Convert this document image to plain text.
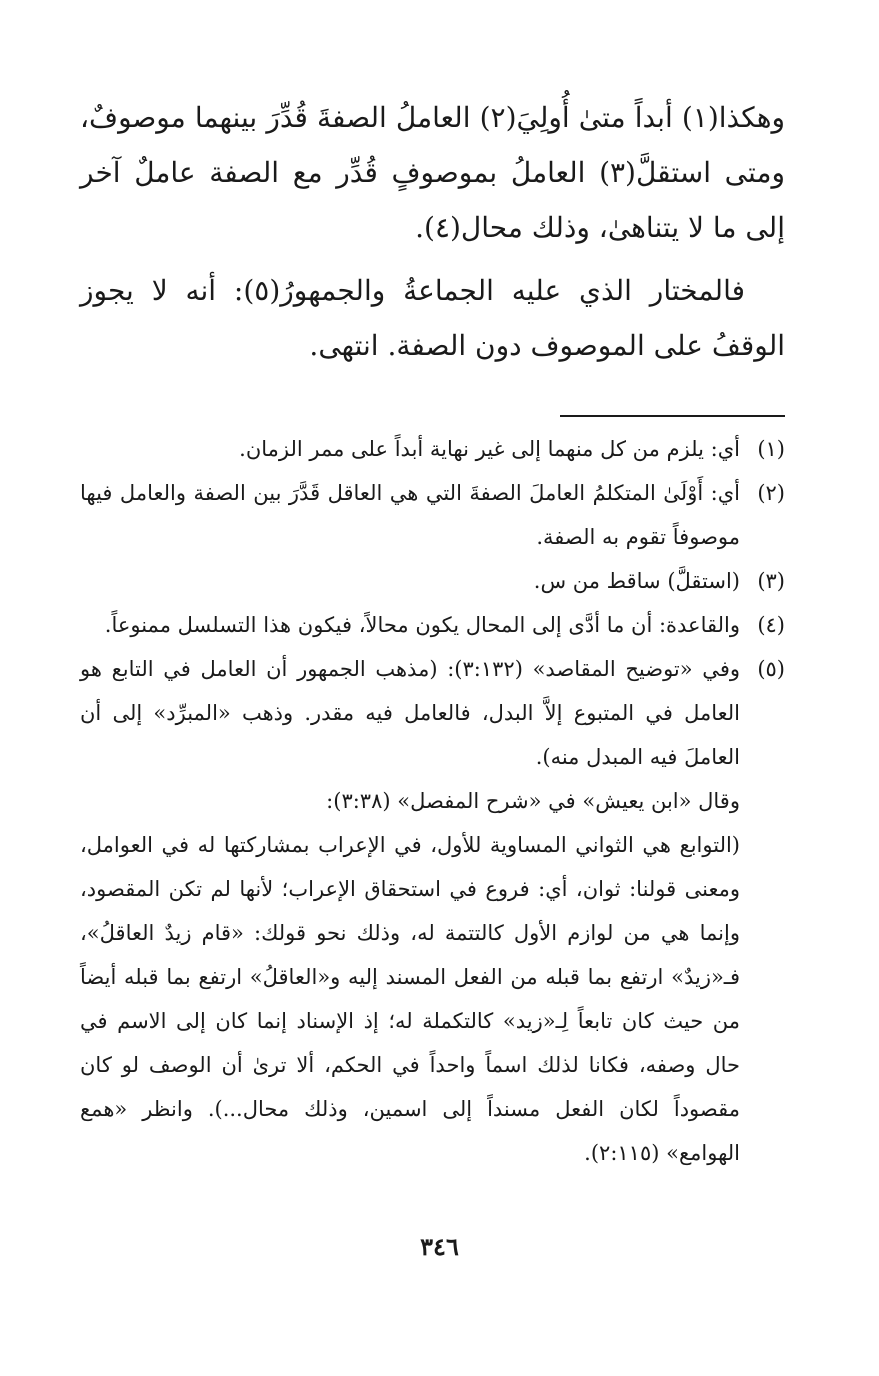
وهكذا(١) أبداً متىٰ أُولِيَ(٢) العاملُ الصفةَ قُدِّرَ بينهما موصوفٌ، ومتى استقلَّ(٣) العاملُ بموصوفٍ قُدِّر مع الصفة عاملٌ آخر إلى ما لا يتناهىٰ، وذلك محال(٤).

فالمختار الذي عليه الجماعةُ والجمهورُ(٥): أنه لا يجوز الوقفُ على الموصوف دون الصفة. انتهى.

(١)

أي: يلزم من كل منهما إلى غير نهاية أبداً على ممر الزمان.

(٢)

أي: أَوْلَىٰ المتكلمُ العاملَ الصفةَ التي هي العاقل قَدَّرَ بين الصفة والعامل فيها موصوفاً تقوم به الصفة.

(٣)

(استقلَّ) ساقط من س.

(٤)

والقاعدة: أن ما أدَّى إلى المحال يكون محالاً، فيكون هذا التسلسل ممنوعاً.

(٥)

وفي «توضيح المقاصد» (٣:١٣٢): (مذهب الجمهور أن العامل في التابع هو العامل في المتبوع إلاَّ البدل، فالعامل فيه مقدر. وذهب «المبرِّد» إلى أن العاملَ فيه المبدل منه).

وقال «ابن يعيش» في «شرح المفصل» (٣:٣٨):

(التوابع هي الثواني المساوية للأول، في الإعراب بمشاركتها له في العوامل، ومعنى قولنا: ثوان، أي: فروع في استحقاق الإعراب؛ لأنها لم تكن المقصود، وإنما هي من لوازم الأول كالتتمة له، وذلك نحو قولك: «قام زيدٌ العاقلُ»، فـ«زيدٌ» ارتفع بما قبله من الفعل المسند إليه و«العاقلُ» ارتفع بما قبله أيضاً من حيث كان تابعاً لِـ«زيد» كالتكملة له؛ إذ الإسناد إنما كان إلى الاسم في حال وصفه، فكانا لذلك اسماً واحداً في الحكم، ألا ترىٰ أن الوصف لو كان مقصوداً لكان الفعل مسنداً إلى اسمين، وذلك محال...). وانظر «همع الهوامع» (٢:١١٥).

٣٤٦
